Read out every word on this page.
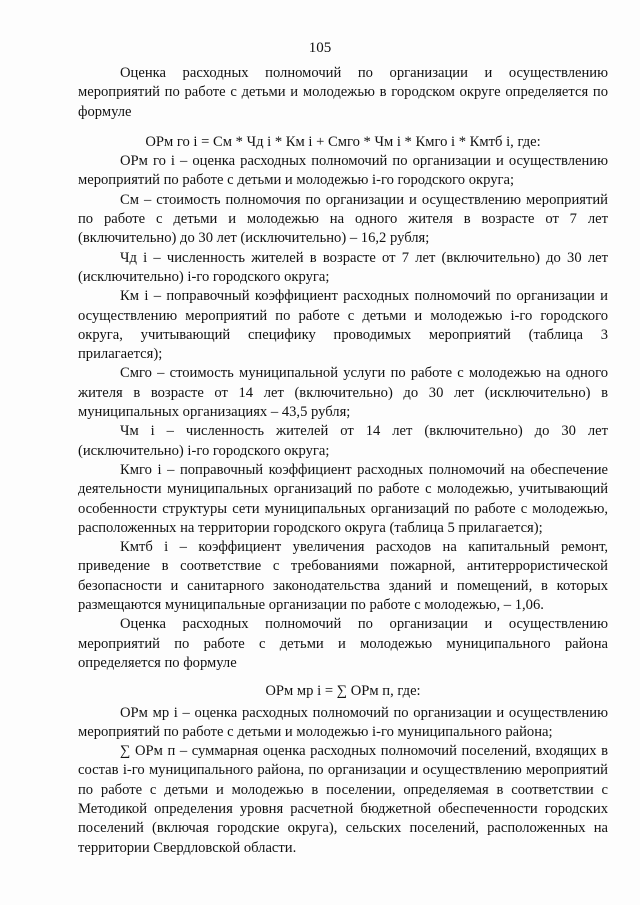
105

Оценка расходных полномочий по организации и осуществлению мероприятий по работе с детьми и молодежью в городском округе определяется по формуле

ОРм го i = См * Чд i * Км i + Смго * Чм i * Кмго i * Кмтб i, где:

ОРм го i – оценка расходных полномочий по организации и осуществлению мероприятий по работе с детьми и молодежью i-го городского округа;

См – стоимость полномочия по организации и осуществлению мероприятий по работе с детьми и молодежью на одного жителя в возрасте от 7 лет (включительно) до 30 лет (исключительно) – 16,2 рубля;

Чд i – численность жителей в возрасте от 7 лет (включительно) до 30 лет (исключительно) i-го городского округа;

Км i – поправочный коэффициент расходных полномочий по организации и осуществлению мероприятий по работе с детьми и молодежью i-го городского округа, учитывающий специфику проводимых мероприятий (таблица 3 прилагается);

Смго – стоимость муниципальной услуги по работе с молодежью на одного жителя в возрасте от 14 лет (включительно) до 30 лет (исключительно) в муниципальных организациях – 43,5 рубля;

Чм i – численность жителей от 14 лет (включительно) до 30 лет (исключительно) i-го городского округа;

Кмго i – поправочный коэффициент расходных полномочий на обеспечение деятельности муниципальных организаций по работе с молодежью, учитывающий особенности структуры сети муниципальных организаций по работе с молодежью, расположенных на территории городского округа (таблица 5 прилагается);

Кмтб i – коэффициент увеличения расходов на капитальный ремонт, приведение в соответствие с требованиями пожарной, антитеррористической безопасности и санитарного законодательства зданий и помещений, в которых размещаются муниципальные организации по работе с молодежью, – 1,06.

Оценка расходных полномочий по организации и осуществлению мероприятий по работе с детьми и молодежью муниципального района определяется по формуле

ОРм мр i = ∑ ОРм п, где:

ОРм мр i – оценка расходных полномочий по организации и осуществлению мероприятий по работе с детьми и молодежью i-го муниципального района;

∑ ОРм п – суммарная оценка расходных полномочий поселений, входящих в состав i-го муниципального района, по организации и осуществлению мероприятий по работе с детьми и молодежью в поселении, определяемая в соответствии с Методикой определения уровня расчетной бюджетной обеспеченности городских поселений (включая городские округа), сельских поселений, расположенных на территории Свердловской области.
